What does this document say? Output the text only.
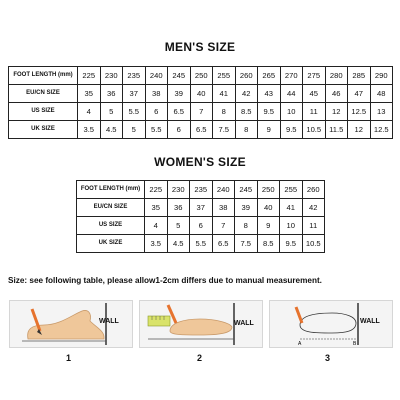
MEN'S SIZE
FOOT LENGTH (mm)	225	230	235	240	245	250	255	260	265	270	275	280	285	290
EU/CN SIZE	35	36	37	38	39	40	41	42	43	44	45	46	47	48
US SIZE	4	5	5.5	6	6.5	7	8	8.5	9.5	10	11	12	12.5	13
UK SIZE	3.5	4.5	5	5.5	6	6.5	7.5	8	9	9.5	10.5	11.5	12	12.5
WOMEN'S SIZE
FOOT LENGTH (mm)	225	230	235	240	245	250	255	260
EU/CN SIZE	35	36	37	38	39	40	41	42
US SIZE	4	5	6	7	8	9	10	11
UK SIZE	3.5	4.5	5.5	6.5	7.5	8.5	9.5	10.5
Size: see following table, please allow1-2cm differs due to manual measurement.
WALL
1
WALL
2
A	B
WALL
3
